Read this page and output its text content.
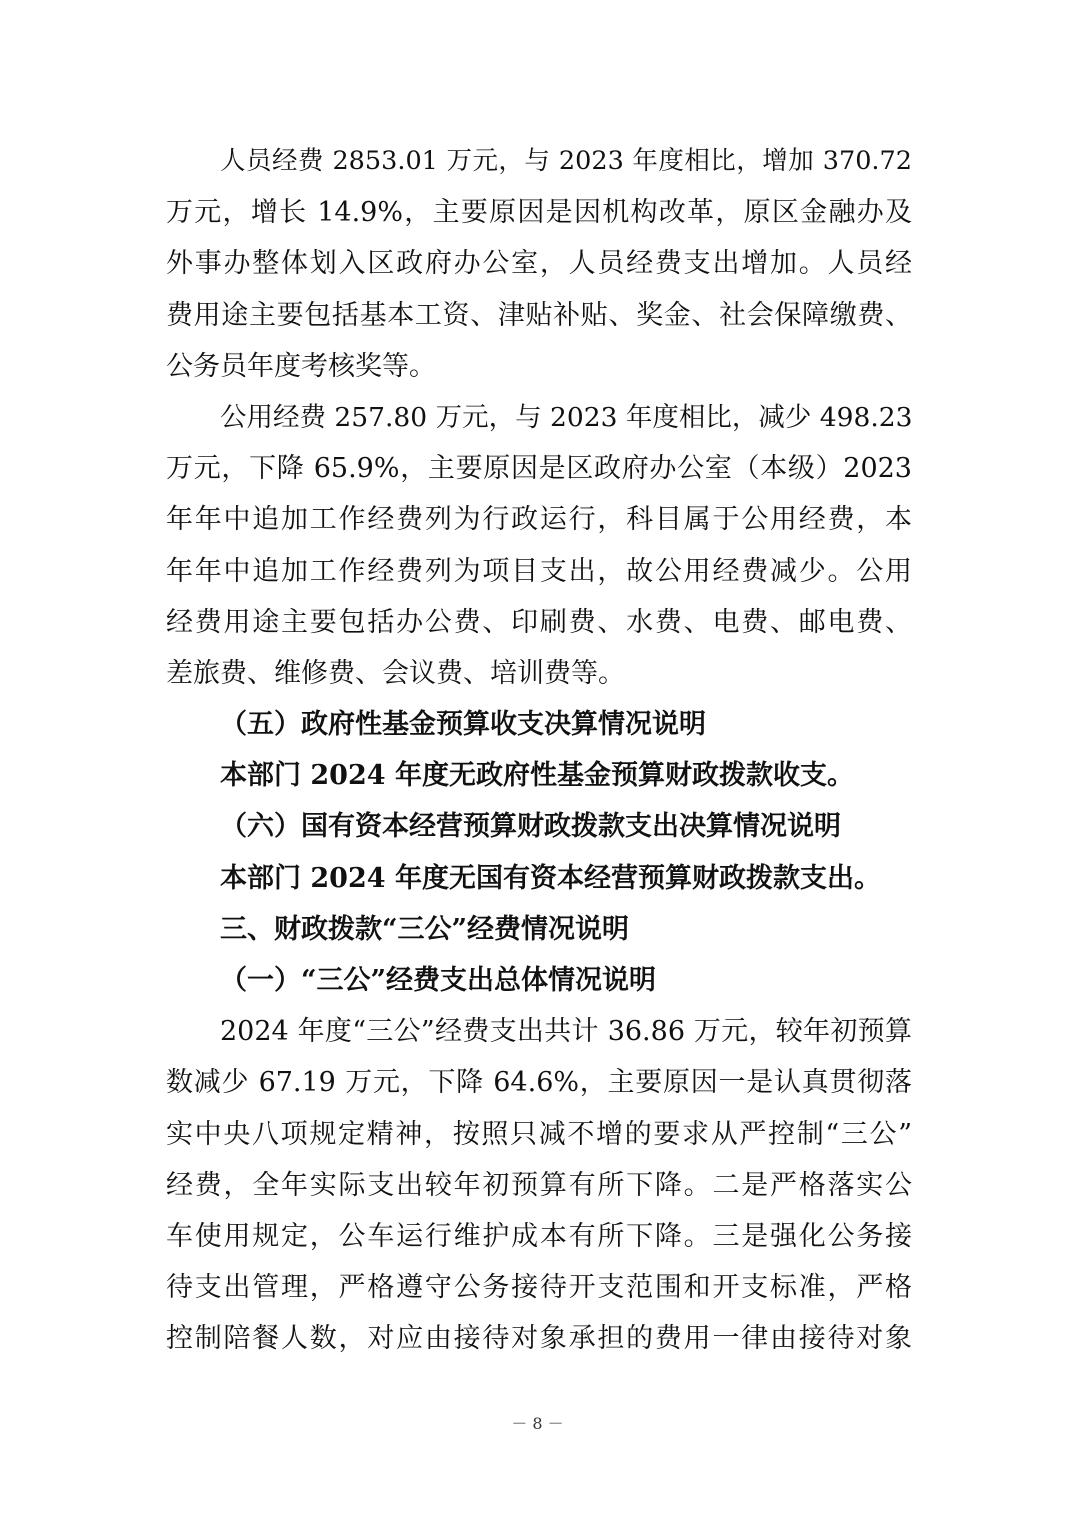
人员经费 2853.01 万元，与 2023 年度相比，增加 370.72
万元，增长 14.9%，主要原因是因机构改革，原区金融办及
外事办整体划入区政府办公室，人员经费支出增加。人员经
费用途主要包括基本工资、津贴补贴、奖金、社会保障缴费、
公务员年度考核奖等。
公用经费 257.80 万元，与 2023 年度相比，减少 498.23
万元，下降 65.9%，主要原因是区政府办公室（本级）2023
年年中追加工作经费列为行政运行，科目属于公用经费，本
年年中追加工作经费列为项目支出，故公用经费减少。公用
经费用途主要包括办公费、印刷费、水费、电费、邮电费、
差旅费、维修费、会议费、培训费等。
（五）政府性基金预算收支决算情况说明
本部门 2024 年度无政府性基金预算财政拨款收支。
（六）国有资本经营预算财政拨款支出决算情况说明
本部门 2024 年度无国有资本经营预算财政拨款支出。
三、财政拨款“三公”经费情况说明
（一）“三公”经费支出总体情况说明
2024 年度“三公”经费支出共计 36.86 万元，较年初预算
数减少 67.19 万元，下降 64.6%，主要原因一是认真贯彻落
实中央八项规定精神，按照只减不增的要求从严控制“三公”
经费，全年实际支出较年初预算有所下降。二是严格落实公
车使用规定，公车运行维护成本有所下降。三是强化公务接
待支出管理，严格遵守公务接待开支范围和开支标准，严格
控制陪餐人数，对应由接待对象承担的费用一律由接待对象
－ 8 －
